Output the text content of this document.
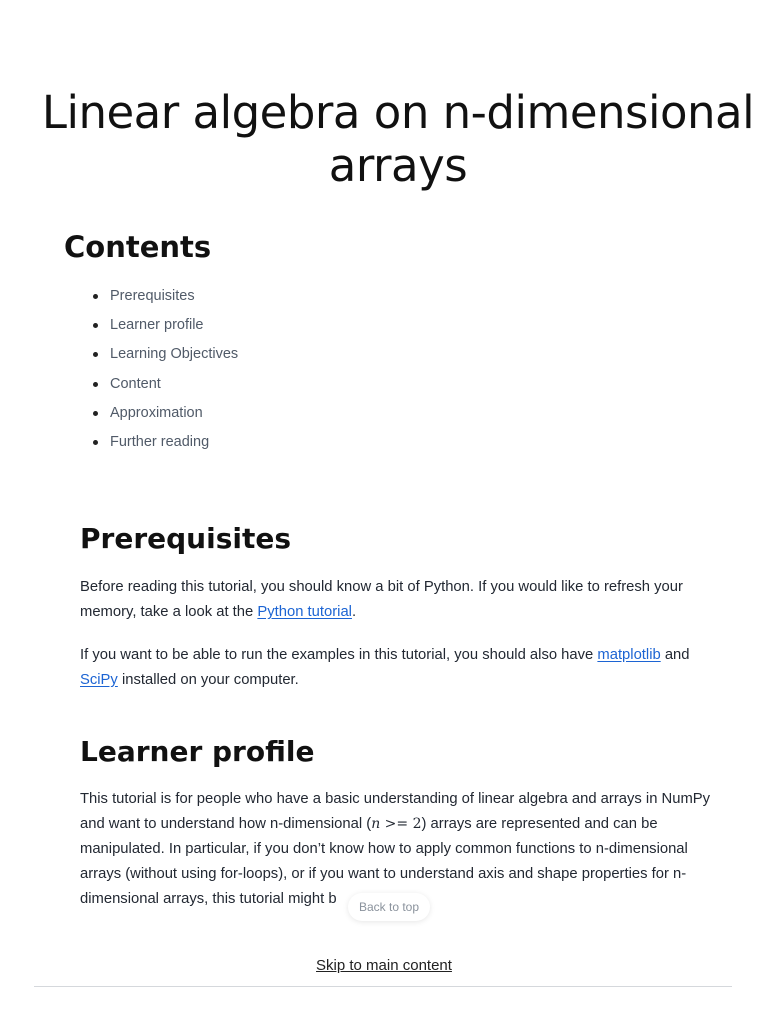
Linear algebra on n-dimensional arrays
Contents
Prerequisites
Learner profile
Learning Objectives
Content
Approximation
Further reading
Prerequisites

Before reading this tutorial, you should know a bit of Python. If you would like to refresh your memory, take a look at the Python tutorial.

If you want to be able to run the examples in this tutorial, you should also have matplotlib and SciPy installed on your computer.

Learner profile

This tutorial is for people who have a basic understanding of linear algebra and arrays in NumPy and want to understand how n-dimensional (n >= 2) arrays are represented and can be manipulated. In particular, if you don’t know how to apply common functions to n-dimensional arrays (without using for-loops), or if you want to understand axis and shape properties for n-dimensional arrays, this tutorial might b	Back to top
Skip to main content
